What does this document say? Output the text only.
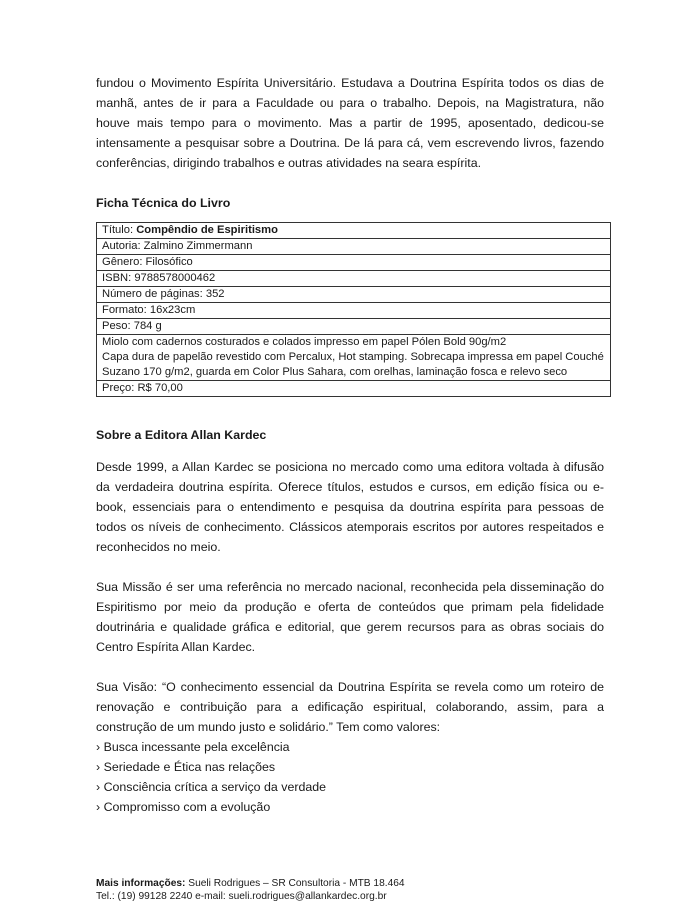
fundou o Movimento Espírita Universitário. Estudava a Doutrina Espírita todos os dias de manhã, antes de ir para a Faculdade ou para o trabalho. Depois, na Magistratura, não houve mais tempo para o movimento. Mas a partir de 1995, aposentado, dedicou-se intensamente a pesquisar sobre a Doutrina. De lá para cá, vem escrevendo livros, fazendo conferências, dirigindo trabalhos e outras atividades na seara espírita.

Ficha Técnica do Livro

Título: Compêndio de Espiritismo
Autoria: Zalmino Zimmermann
Gênero: Filosófico
ISBN: 9788578000462
Número de páginas: 352
Formato: 16x23cm
Peso: 784 g

Miolo com cadernos costurados e colados impresso em papel Pólen Bold 90g/m2
Capa dura de papelão revestido com Percalux, Hot stamping. Sobrecapa impressa em papel Couché Suzano 170 g/m2, guarda em Color Plus Sahara, com orelhas, laminação fosca e relevo seco

Preço: R$ 70,00

Sobre a Editora Allan Kardec

Desde 1999, a Allan Kardec se posiciona no mercado como uma editora voltada à difusão da verdadeira doutrina espírita. Oferece títulos, estudos e cursos, em edição física ou e-book, essenciais para o entendimento e pesquisa da doutrina espírita para pessoas de todos os níveis de conhecimento. Clássicos atemporais escritos por autores respeitados e reconhecidos no meio.

Sua Missão é ser uma referência no mercado nacional, reconhecida pela disseminação do Espiritismo por meio da produção e oferta de conteúdos que primam pela fidelidade doutrinária e qualidade gráfica e editorial, que gerem recursos para as obras sociais do Centro Espírita Allan Kardec.

Sua Visão: “O conhecimento essencial da Doutrina Espírita se revela como um roteiro de renovação e contribuição para a edificação espiritual, colaborando, assim, para a construção de um mundo justo e solidário.” Tem como valores:

› Busca incessante pela excelência

› Seriedade e Ética nas relações

› Consciência crítica a serviço da verdade

› Compromisso com a evolução

Mais informações: Sueli Rodrigues – SR Consultoria - MTB 18.464
Tel.: (19) 99128 2240 e-mail: sueli.rodrigues@allankardec.org.br
